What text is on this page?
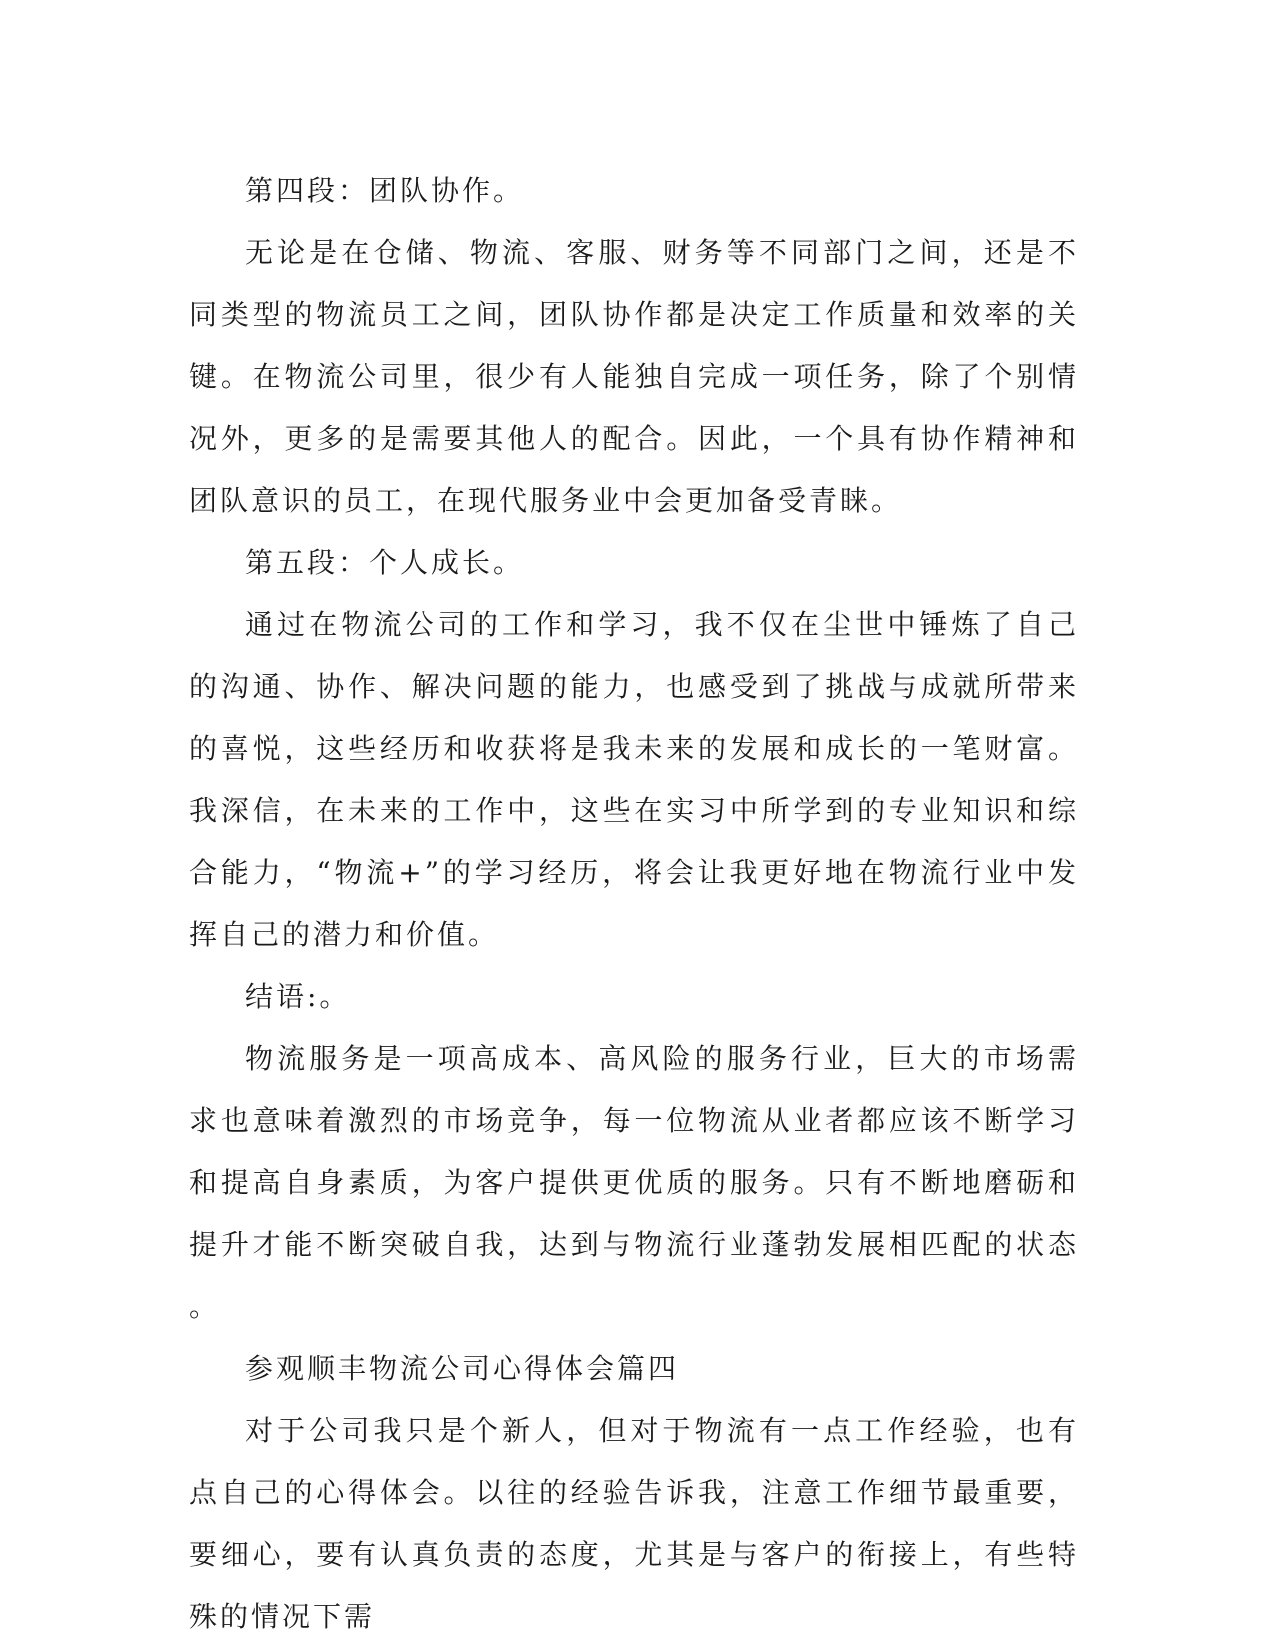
第四段：团队协作。

无论是在仓储、物流、客服、财务等不同部门之间，还是不同类型的物流员工之间，团队协作都是决定工作质量和效率的关键。在物流公司里，很少有人能独自完成一项任务，除了个别情况外，更多的是需要其他人的配合。因此，一个具有协作精神和团队意识的员工，在现代服务业中会更加备受青睐。

第五段：个人成长。

通过在物流公司的工作和学习，我不仅在尘世中锤炼了自己的沟通、协作、解决问题的能力，也感受到了挑战与成就所带来的喜悦，这些经历和收获将是我未来的发展和成长的一笔财富。我深信，在未来的工作中，这些在实习中所学到的专业知识和综合能力，“物流+”的学习经历，将会让我更好地在物流行业中发挥自己的潜力和价值。

结语:。

物流服务是一项高成本、高风险的服务行业，巨大的市场需求也意味着激烈的市场竞争，每一位物流从业者都应该不断学习和提高自身素质，为客户提供更优质的服务。只有不断地磨砺和提升才能不断突破自我，达到与物流行业蓬勃发展相匹配的状态。

参观顺丰物流公司心得体会篇四

对于公司我只是个新人，但对于物流有一点工作经验，也有点自己的心得体会。以往的经验告诉我，注意工作细节最重要，要细心，要有认真负责的态度，尤其是与客户的衔接上，有些特殊的情况下需
